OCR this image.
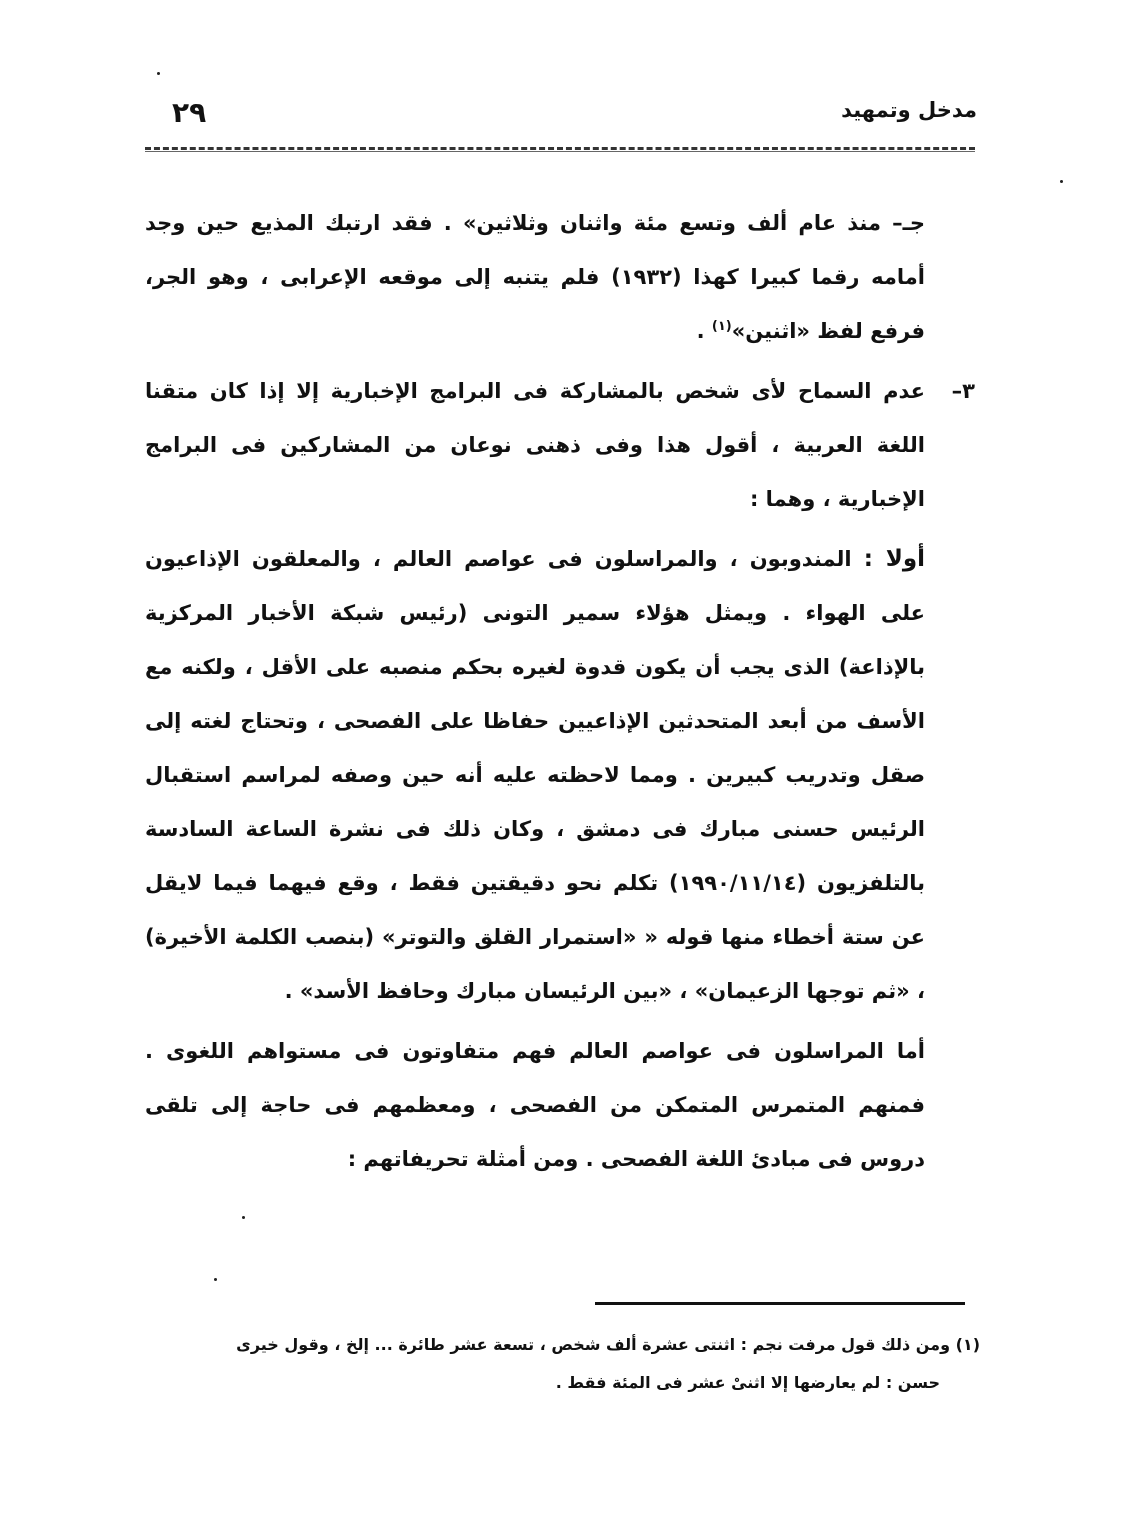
مدخل وتمهيد
٢٩

جـ– منذ عام ألف وتسع مئة واثنان وثلاثين» . فقد ارتبك المذيع حين وجد أمامه رقما كبيرا كهذا (١٩٣٢) فلم يتنبه إلى موقعه الإعرابى ، وهو الجر، فرفع لفظ «اثنين»$^{(١)}$ .

٣–
عدم السماح لأى شخص بالمشاركة فى البرامج الإخبارية إلا إذا كان متقنا اللغة العربية ، أقول هذا وفى ذهنى نوعان من المشاركين فى البرامج الإخبارية ، وهما :

أولا : المندوبون ، والمراسلون فى عواصم العالم ، والمعلقون الإذاعيون على الهواء . ويمثل هؤلاء سمير التونى (رئيس شبكة الأخبار المركزية بالإذاعة) الذى يجب أن يكون قدوة لغيره بحكم منصبه على الأقل ، ولكنه مع الأسف من أبعد المتحدثين الإذاعيين حفاظا على الفصحى ، وتحتاج لغته إلى صقل وتدريب كبيرين . ومما لاحظته عليه أنه حين وصفه لمراسم استقبال الرئيس حسنى مبارك فى دمشق ، وكان ذلك فى نشرة الساعة السادسة بالتلفزيون (١٩٩٠/١١/١٤) تكلم نحو دقيقتين فقط ، وقع فيهما فيما لايقل عن ستة أخطاء منها قوله « «استمرار القلق والتوتر» (بنصب الكلمة الأخيرة) ، «ثم توجها الزعيمان» ، «بين الرئيسان مبارك وحافظ الأسد» .

أما المراسلون فى عواصم العالم فهم متفاوتون فى مستواهم اللغوى . فمنهم المتمرس المتمكن من الفصحى ، ومعظمهم فى حاجة إلى تلقى دروس فى مبادئ اللغة الفصحى . ومن أمثلة تحريفاتهم :

(١) ومن ذلك قول مرفت نجم : اثنتى عشرة ألف شخص ، تسعة عشر طائرة ... إلخ ، وقول خيرى
حسن : لم يعارضها إلا اثنىْ عشر فى المئة فقط .
